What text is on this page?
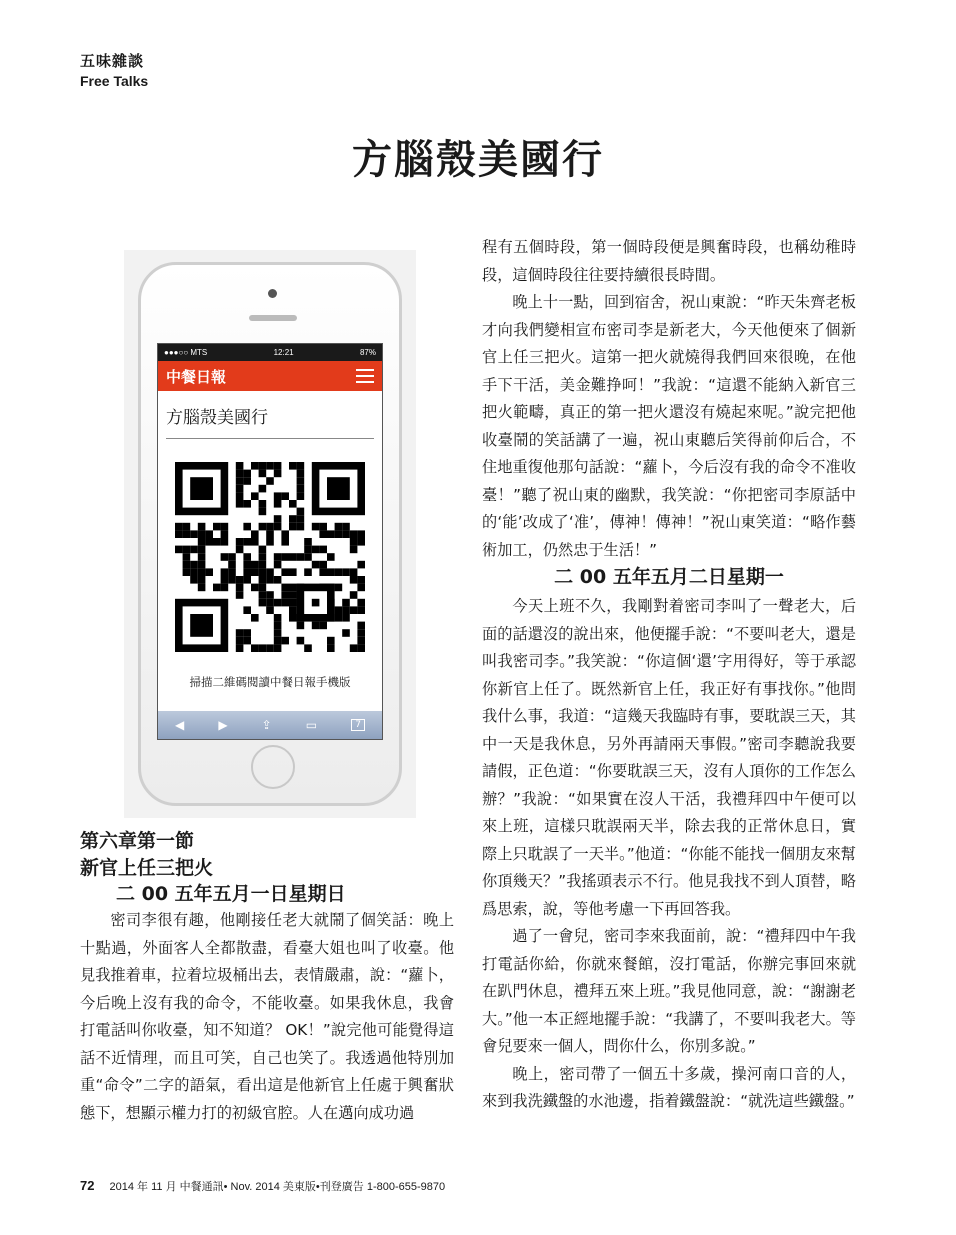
五味雜談
Free Talks
方腦殼美國行
●●●○○ MTS	12:21	87%
中餐日報
方腦殼美國行
掃描二維碼閱讀中餐日報手機版
◀	▶	⇪	▭	7
第六章第一節
新官上任三把火
二 00 五年五月一日星期日

密司李很有趣，他剛接任老大就鬧了個笑話：晚上十點過，外面客人全都散盡，看臺大姐也叫了收臺。他見我推着車，拉着垃圾桶出去，表情嚴肅，說：“蘿卜，今后晚上沒有我的命令，不能收臺。如果我休息，我會打電話叫你收臺，知不知道？ OK！”說完他可能覺得這話不近情理，而且可笑，自己也笑了。我透過他特別加重“命令”二字的語氣，看出這是他新官上任處于興奮狀態下，想顯示權力打的初級官腔。人在邁向成功過

程有五個時段，第一個時段便是興奮時段，也稱幼稚時段，這個時段往往要持續很長時間。

晚上十一點，回到宿舍，祝山東說：“昨天朱齊老板才向我們變相宣布密司李是新老大，今天他便來了個新官上任三把火。這第一把火就燒得我們回來很晚，在他手下干活，美金難挣呵！”我說：“這還不能納入新官三把火範疇，真正的第一把火還沒有燒起來呢。”說完把他收臺鬧的笑話講了一遍，祝山東聽后笑得前仰后合，不住地重復他那句話說：“蘿卜，今后沒有我的命令不准收臺！”聽了祝山東的幽默，我笑說：“你把密司李原話中的‘能’改成了‘准’，傳神！傳神！”祝山東笑道：“略作藝術加工，仍然忠于生活！”

二 00 五年五月二日星期一

今天上班不久，我剛對着密司李叫了一聲老大，后面的話還沒的說出來，他便擺手說：“不要叫老大，還是叫我密司李。”我笑說：“你這個‘還’字用得好，等于承認你新官上任了。既然新官上任，我正好有事找你。”他問我什么事，我道：“這幾天我臨時有事，要耽誤三天，其中一天是我休息，另外再請兩天事假。”密司李聽說我要請假，正色道：“你要耽誤三天，沒有人頂你的工作怎么辦？”我說：“如果實在沒人干活，我禮拜四中午便可以來上班，這樣只耽誤兩天半，除去我的正常休息日，實際上只耽誤了一天半。”他道：“你能不能找一個朋友來幫你頂幾天？”我搖頭表示不行。他見我找不到人頂替，略爲思索，說，等他考慮一下再回答我。

過了一會兒，密司李來我面前，說：“禮拜四中午我打電話你給，你就來餐館，沒打電話，你辦完事回來就在趴門休息，禮拜五來上班。”我見他同意，說：“謝謝老大。”他一本正經地擺手說：“我講了，不要叫我老大。等會兒要來一個人，問你什么，你別多說。”

晚上，密司帶了一個五十多歲，操河南口音的人，來到我洗鐵盤的水池邊，指着鐵盤說：“就洗這些鐵盤。”

72 2014 年 11 月 中餐通訊• Nov. 2014 美東版•刊登廣告 1-800-655-9870
